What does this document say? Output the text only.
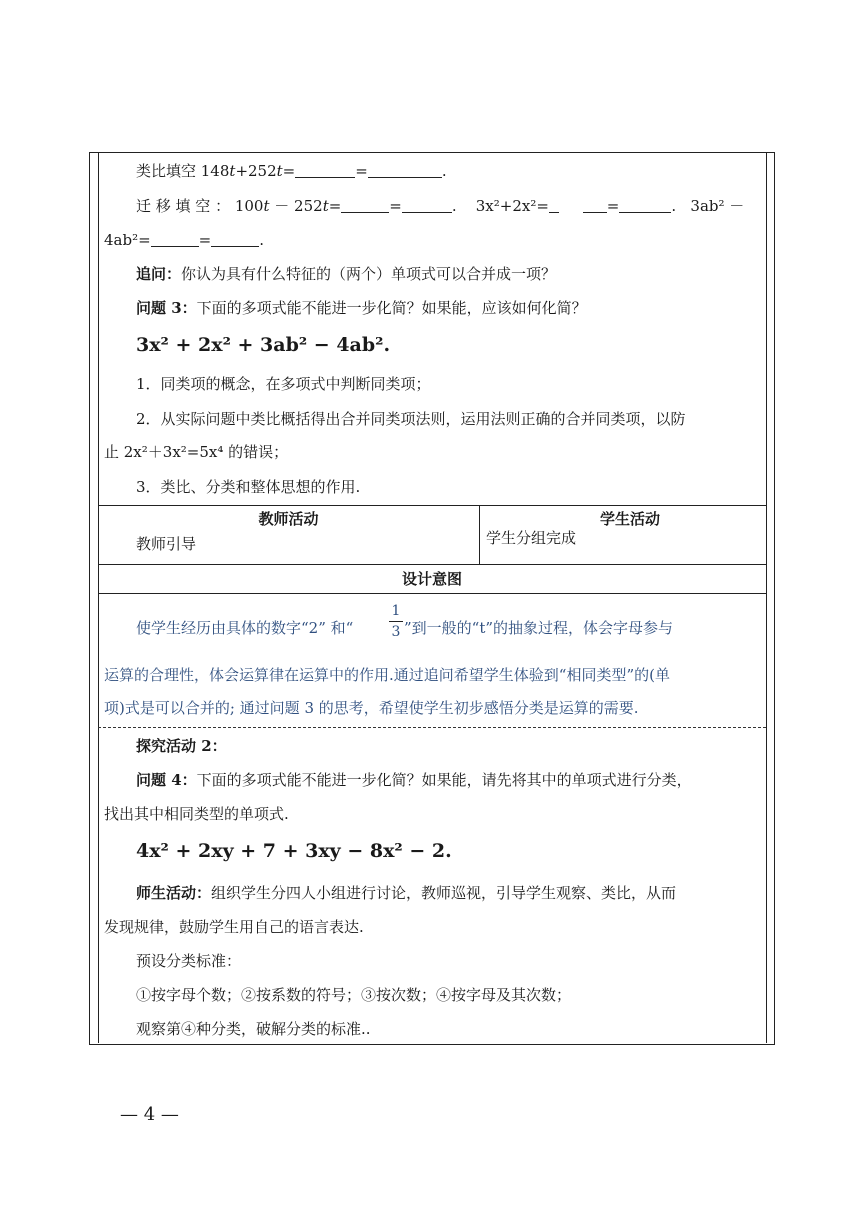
类比填空 148t+252t=	=	.
迁 移 填 空 ： 100t － 252t=	=	. 3x²+2x²=	=	. 3ab² －
4ab²=	=	.
追问：你认为具有什么特征的（两个）单项式可以合并成一项？
问题 3：下面的多项式能不能进一步化简？如果能，应该如何化简？
3x² + 2x² + 3ab² − 4ab².
1．同类项的概念，在多项式中判断同类项；
2．从实际问题中类比概括得出合并同类项法则，运用法则正确的合并同类项，以防
止 2x²＋3x²=5x⁴ 的错误；
3．类比、分类和整体思想的作用.
教师活动	学生活动
教师引导	学生分组完成
设计意图
使学生经历由具体的数字“2” 和“
1
3 ”到一般的“t”的抽象过程，体会字母参与
运算的合理性，体会运算律在运算中的作用.通过追问希望学生体验到“相同类型”的(单
项)式是可以合并的; 通过问题 3 的思考，希望使学生初步感悟分类是运算的需要.
探究活动 2：
问题 4：下面的多项式能不能进一步化简？如果能，请先将其中的单项式进行分类，
找出其中相同类型的单项式.
4x² + 2xy + 7 + 3xy − 8x² − 2.
师生活动：组织学生分四人小组进行讨论，教师巡视，引导学生观察、类比，从而
发现规律，鼓励学生用自己的语言表达.
预设分类标准：
①按字母个数；②按系数的符号；③按次数；④按字母及其次数；
观察第④种分类，破解分类的标准..
— 4 —
